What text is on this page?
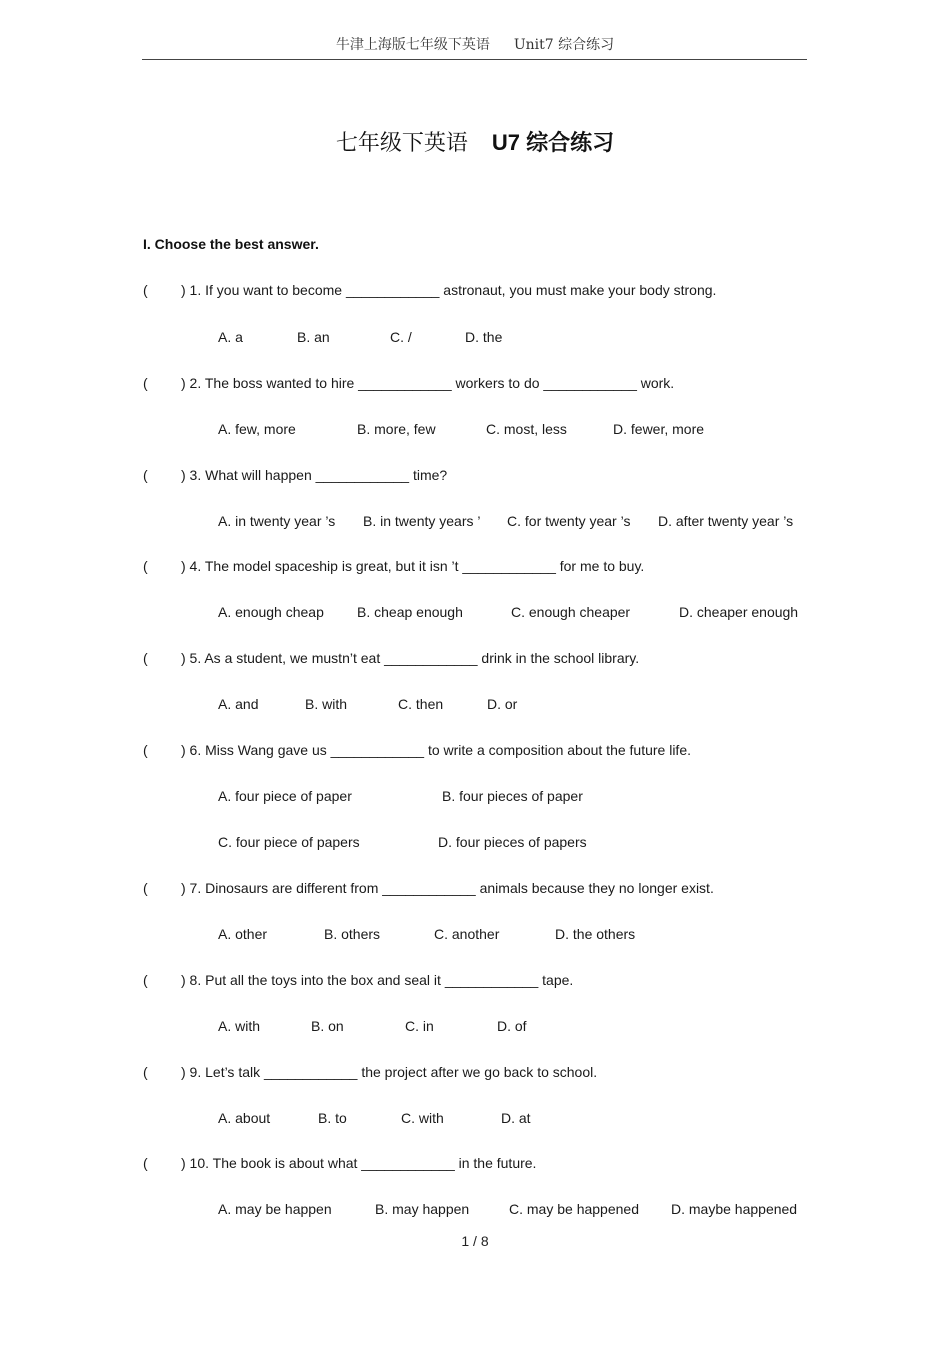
牛津上海版七年级下英语 Unit7 综合练习
七年级下英语 U7 综合练习
I. Choose the best answer.
( ) 1. If you want to become ____________ astronaut, you must make your body strong.
A. a	B. an	C. /	D. the
( ) 2. The boss wanted to hire ____________ workers to do ____________ work.
A. few, more	B. more, few	C. most, less	D. fewer, more
( ) 3. What will happen ____________ time?
A. in twenty year ’s B. in twenty years ’ C. for twenty year ’s D. after twenty year ’s
( ) 4. The model spaceship is great, but it isn ’t ____________ for me to buy.
A. enough cheap B. cheap enough	C. enough cheaper	D. cheaper enough
( ) 5. As a student, we mustn’t eat ____________ drink in the school library.
A. and	B. with	C. then	D. or
( ) 6. Miss Wang gave us ____________ to write a composition about the future life.
A. four piece of paper	B. four pieces of paper
C. four piece of papers	D. four pieces of papers
( ) 7. Dinosaurs are different from ____________ animals because they no longer exist.
A. other	B. others	C. another	D. the others
( ) 8. Put all the toys into the box and seal it ____________ tape.
A. with	B. on	C. in	D. of
( ) 9. Let’s talk ____________ the project after we go back to school.
A. about	B. to	C. with	D. at
( ) 10. The book is about what ____________ in the future.
A. may be happen	B. may happen	C. may be happened D. maybe happened
1 / 8
